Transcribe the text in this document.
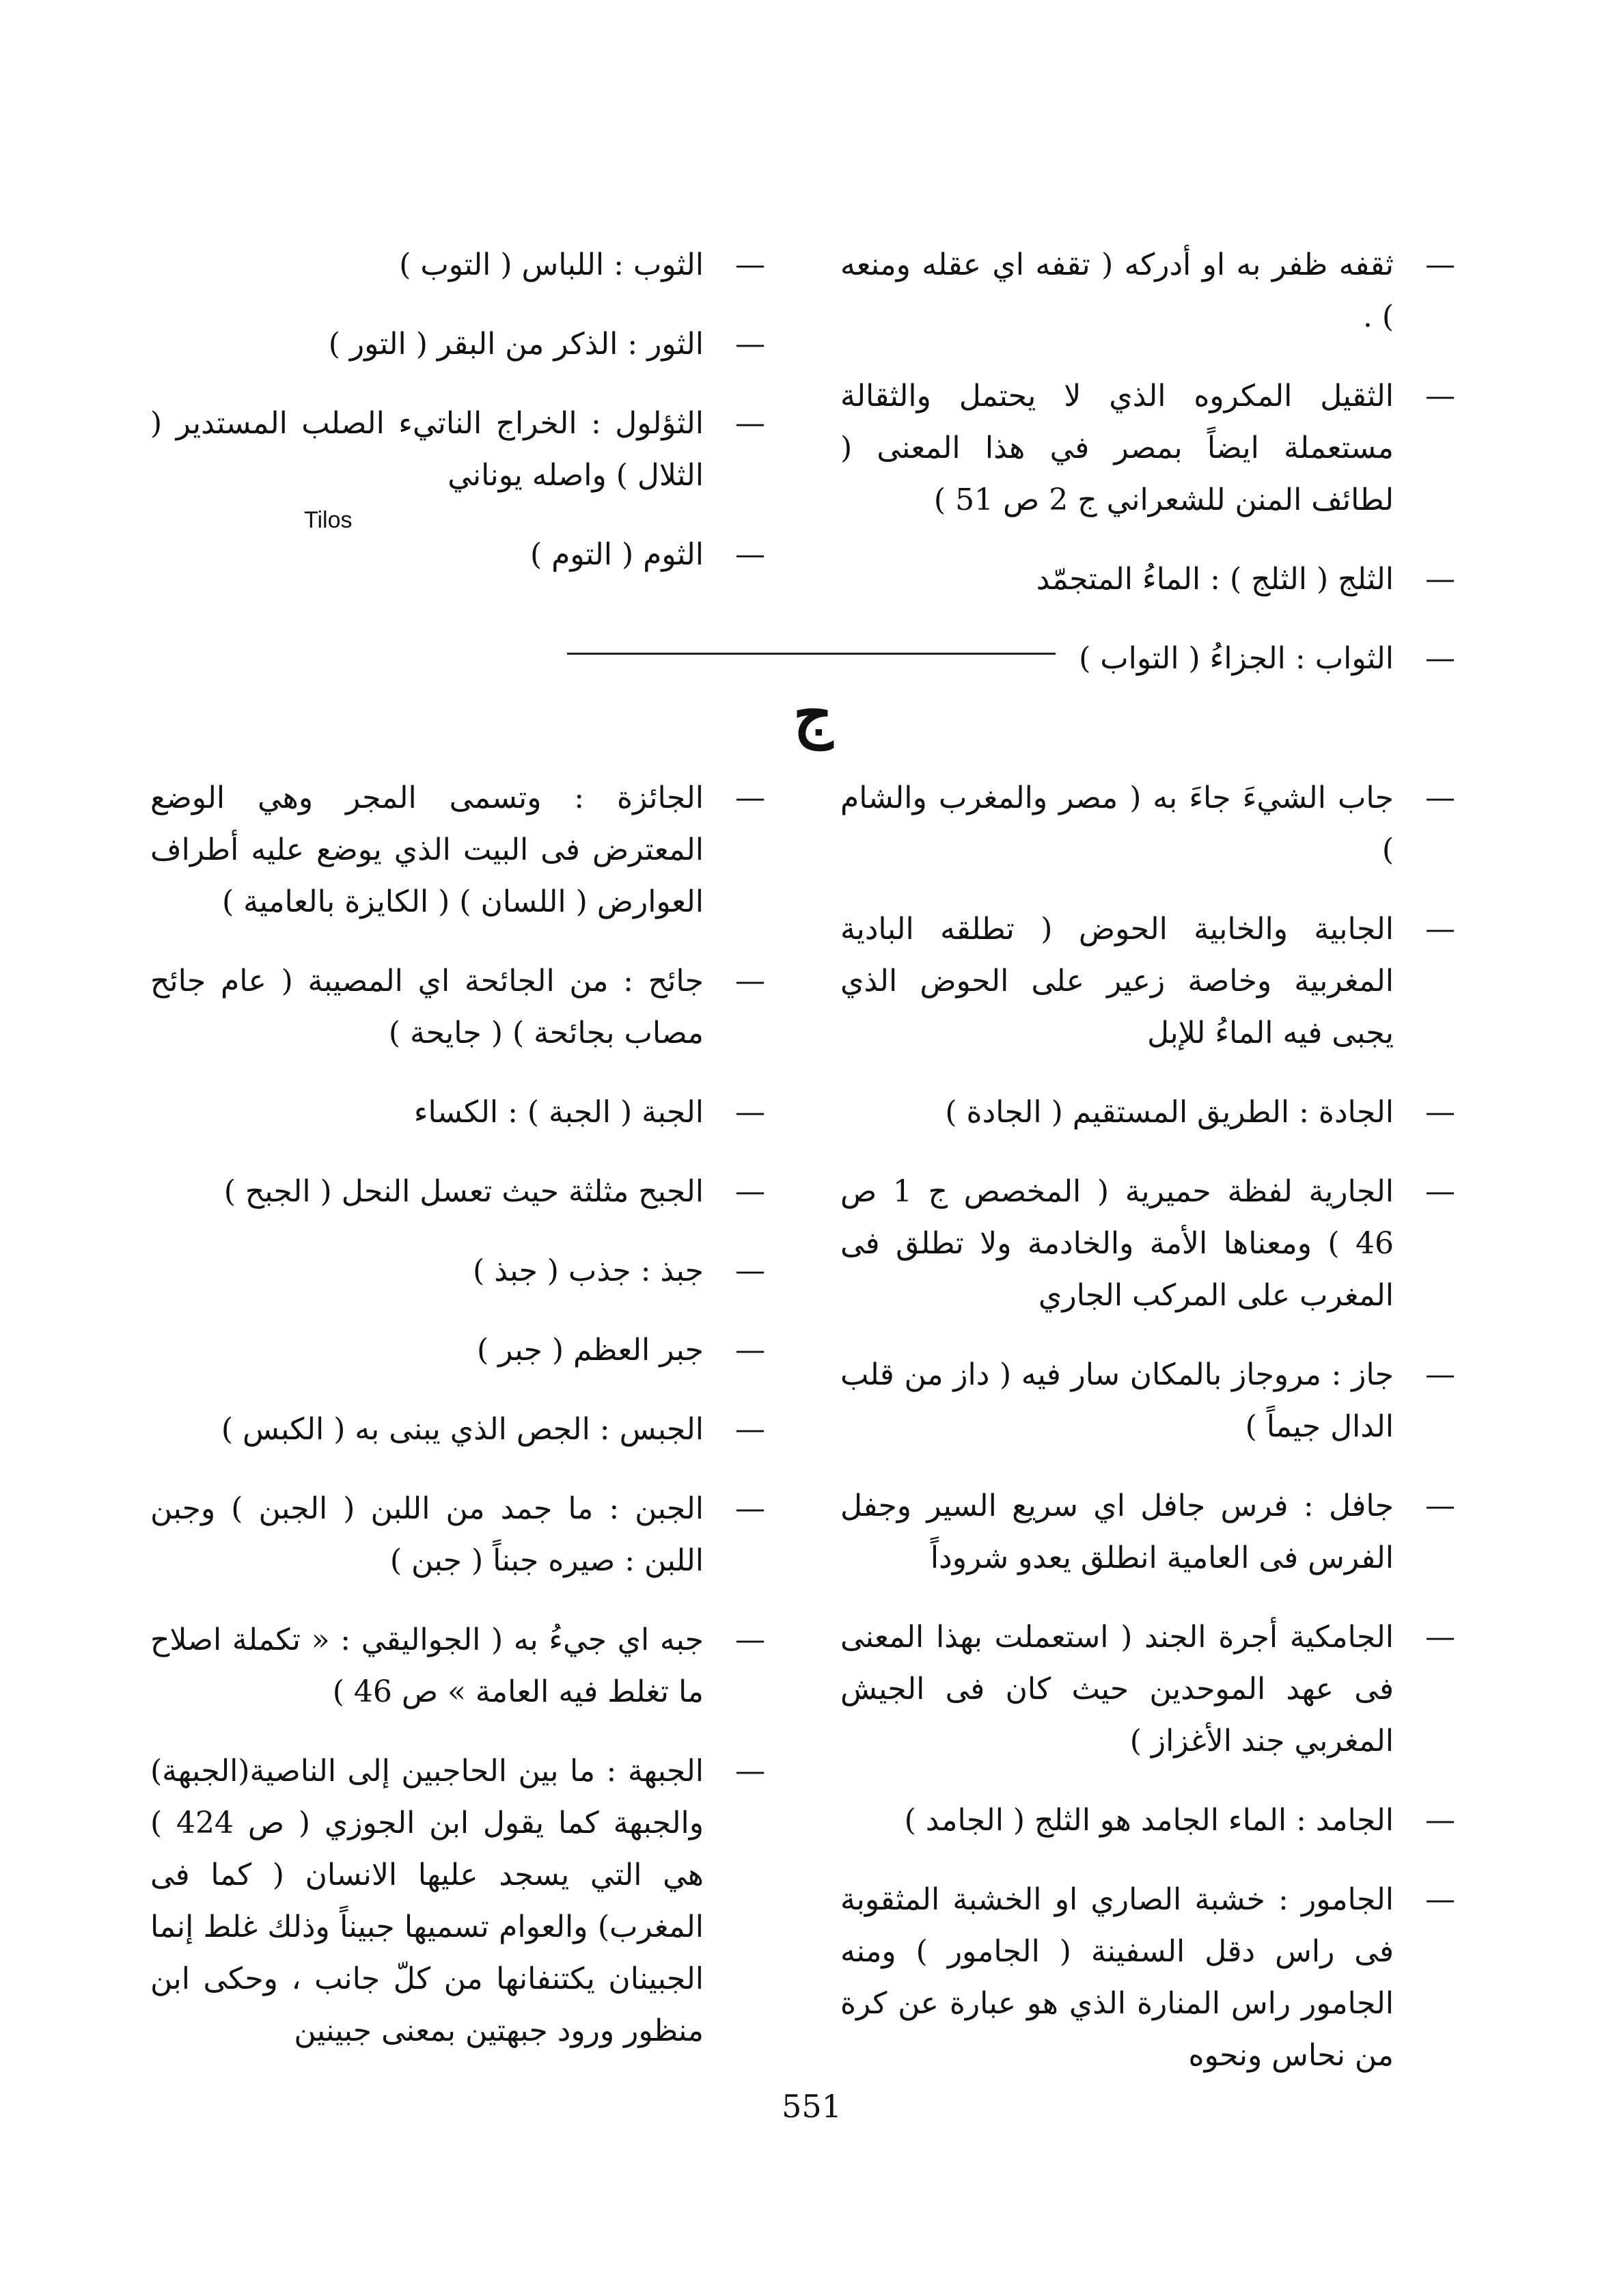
—
ثقفه ظفر به او أدركه ( تقفه اي عقله ومنعه ) .
—
الثقيل المكروه الذي لا يحتمل والثقالة مستعملة ايضاً بمصر في هذا المعنى ( لطائف المنن للشعراني ج 2 ص 51 )
—
الثلج ( الثلج ) : الماءُ المتجمّد
—
الثواب : الجزاءُ ( التواب )
—
الثوب : اللباس ( التوب )
—
الثور : الذكر من البقر ( التور )
—
الثؤلول : الخراج الناتيء الصلب المستدير ( الثلال ) واصله يوناني
—
الثوم ( التوم )
Tilos
ج
—
جاب الشيءَ جاءَ به ( مصر والمغرب والشام )
—
الجابية والخابية الحوض ( تطلقه البادية المغربية وخاصة زعير على الحوض الذي يجبى فيه الماءُ للإبل
—
الجادة : الطريق المستقيم ( الجادة )
—
الجارية لفظة حميرية ( المخصص ج 1 ص 46 ) ومعناها الأمة والخادمة ولا تطلق فى المغرب على المركب الجاري
—
جاز : مروجاز بالمكان سار فيه ( داز من قلب الدال جيماً )
—
جافل : فرس جافل اي سريع السير وجفل الفرس فى العامية انطلق يعدو شروداً
—
الجامكية أجرة الجند ( استعملت بهذا المعنى فى عهد الموحدين حيث كان فى الجيش المغربي جند الأغزاز )
—
الجامد : الماء الجامد هو الثلج ( الجامد )
—
الجامور : خشبة الصاري او الخشبة المثقوبة فى راس دقل السفينة ( الجامور ) ومنه الجامور راس المنارة الذي هو عبارة عن كرة من نحاس ونحوه
—
الجائزة : وتسمى المجر وهي الوضع المعترض فى البيت الذي يوضع عليه أطراف العوارض ( اللسان ) ( الكايزة بالعامية )
—
جائح : من الجائحة اي المصيبة ( عام جائح مصاب بجائحة ) ( جايحة )
—
الجبة ( الجبة ) : الكساء
—
الجبح مثلثة حيث تعسل النحل ( الجبح )
—
جبذ : جذب ( جبذ )
—
جبر العظم ( جبر )
—
الجبس : الجص الذي يبنى به ( الكبس )
—
الجبن : ما جمد من اللبن ( الجبن ) وجبن اللبن : صيره جبناً ( جبن )
—
جبه اي جيءُ به ( الجواليقي : « تكملة اصلاح ما تغلط فيه العامة » ص 46 )
—
الجبهة : ما بين الحاجبين إلى الناصية(الجبهة) والجبهة كما يقول ابن الجوزي ( ص 424 ) هي التي يسجد عليها الانسان ( كما فى المغرب) والعوام تسميها جبيناً وذلك غلط إنما الجبينان يكتنفانها من كلّ جانب ، وحكى ابن منظور ورود جبهتين بمعنى جبينين
551
